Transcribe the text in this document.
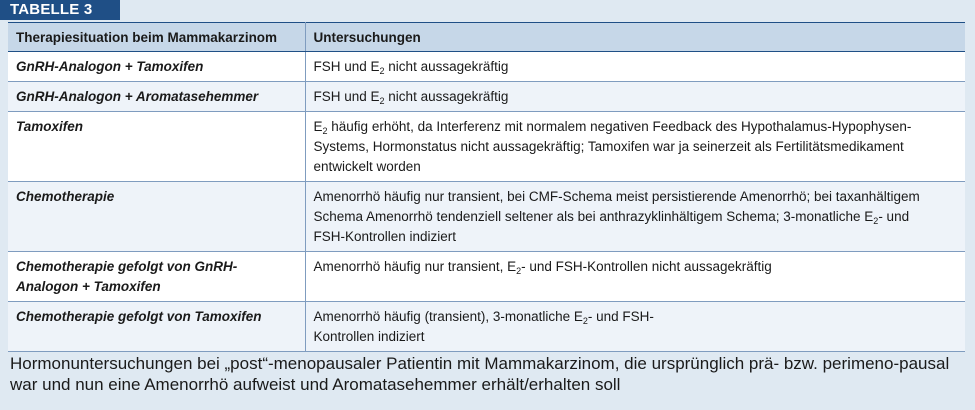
TABELLE 3
Therapiesituation beim Mammakarzinom	Untersuchungen
GnRH-Analogon + Tamoxifen	FSH und $E_2$ nicht aussagekräftig
GnRH-Analogon + Aromatasehemmer	FSH und $E_2$ nicht aussagekräftig
Tamoxifen	$E_2$ häufig erhöht, da Interferenz mit normalem negativen Feedback des Hypothalamus-Hypophysen-
Systems, Hormonstatus nicht aussagekräftig; Tamoxifen war ja seinerzeit als Fertilitätsmedikament
entwickelt worden
Chemotherapie	Amenorrhö häufig nur transient, bei CMF-Schema meist persistierende Amenorrhö; bei taxanhältigem
Schema Amenorrhö tendenziell seltener als bei anthrazyklinhältigem Schema; 3-monatliche $E_2-$ und
FSH-Kontrollen indiziert
Chemotherapie gefolgt von GnRH-Analogon + Tamoxifen	Amenorrhö häufig nur transient, $E_2-$ und FSH-Kontrollen nicht aussagekräftig
Chemotherapie gefolgt von Tamoxifen	Amenorrhö häufig (transient), 3-monatliche $E_2-$ und FSH-
Kontrollen indiziert
Hormonuntersuchungen bei „post“-menopausaler Patientin mit Mammakarzinom, die ursprünglich prä- bzw. perimeno-pausal war und nun eine Amenorrhö aufweist und Aromatasehemmer erhält/erhalten soll
